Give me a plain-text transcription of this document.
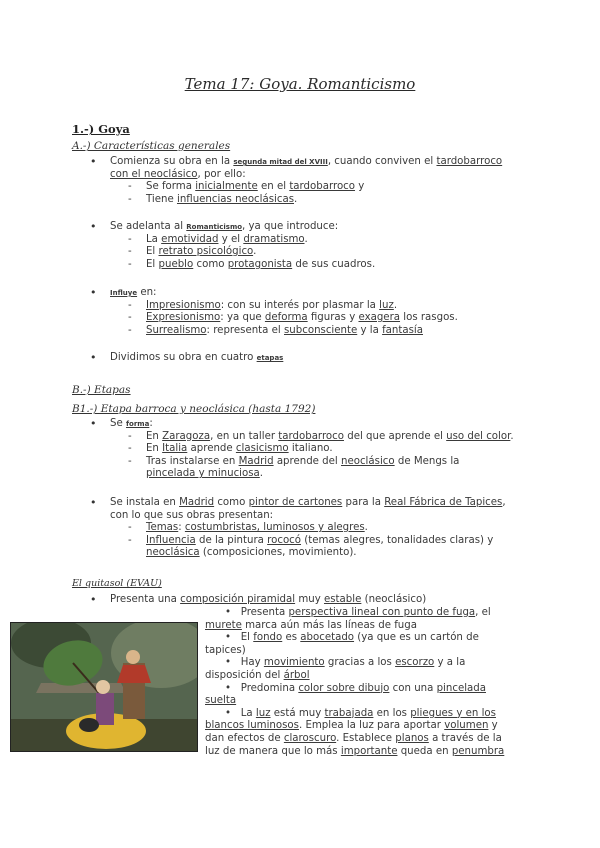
Tema 17: Goya. Romanticismo
1.-) Goya
A.-) Características generales
• Comienza su obra en la segunda mitad del XVIII, cuando conviven el tardobarroco
con el neoclásico, por ello:
- Se forma inicialmente en el tardobarroco y
- Tiene influencias neoclásicas.
• Se adelanta al Romanticismo, ya que introduce:
- La emotividad y el dramatismo.
- El retrato psicológico.
- El pueblo como protagonista de sus cuadros.
• Influye en:
- Impresionismo: con su interés por plasmar la luz.
- Expresionismo: ya que deforma figuras y exagera los rasgos.
- Surrealismo: representa el subconsciente y la fantasía
• Dividimos su obra en cuatro etapas
B.-) Etapas
B1.-) Etapa barroca y neoclásica (hasta 1792)
• Se forma:
- En Zaragoza, en un taller tardobarroco del que aprende el uso del color.
- En Italia aprende clasicismo italiano.
- Tras instalarse en Madrid aprende del neoclásico de Mengs la
pincelada y minuciosa.
• Se instala en Madrid como pintor de cartones para la Real Fábrica de Tapices,
con lo que sus obras presentan:
- Temas: costumbristas, luminosos y alegres.
- Influencia de la pintura rococó (temas alegres, tonalidades claras) y
neoclásica (composiciones, movimiento).
El quitasol (EVAU)
• Presenta una composición piramidal muy estable (neoclásico)
•   Presenta perspectiva lineal con punto de fuga, el
murete marca aún más las líneas de fuga
•   El fondo es abocetado (ya que es un cartón de
tapices)
•   Hay movimiento gracias a los escorzo y a la
disposición del árbol
•   Predomina color sobre dibujo con una pincelada
suelta
•   La luz está muy trabajada en los pliegues y en los
blancos luminosos. Emplea la luz para aportar volumen y
dan efectos de claroscuro. Establece planos a través de la
luz de manera que lo más importante queda en penumbra
